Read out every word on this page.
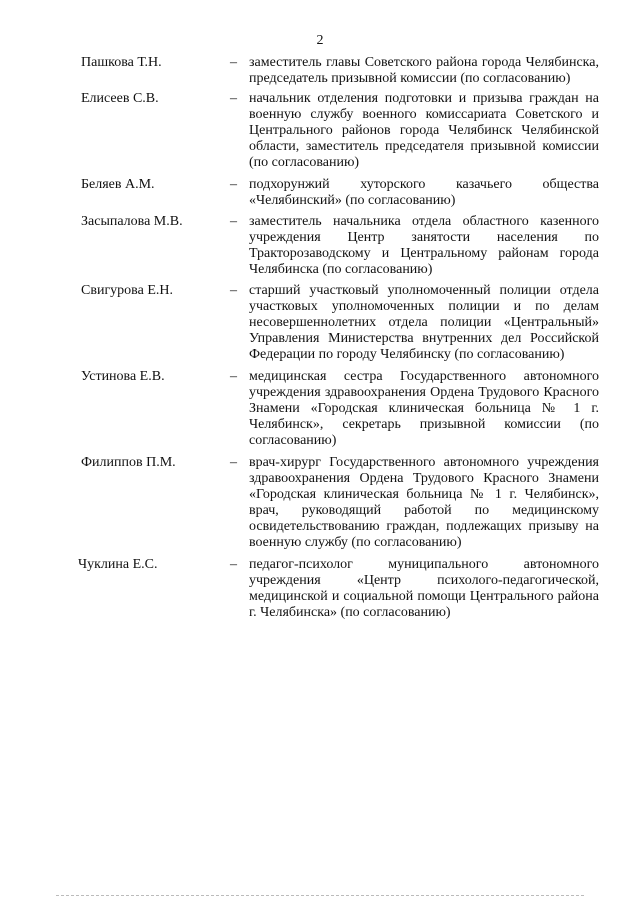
2
Пашкова Т.Н.	– заместитель главы Советского района города Челябинска, председатель призывной комиссии (по согласованию)
Елисеев С.В.	– начальник отделения подготовки и призыва граждан на военную службу военного комиссариата Советского и Центрального районов города Челябинск Челябинской области, заместитель председателя призывной комиссии (по согласованию)
Беляев А.М.	– подхорунжий хуторского казачьего общества «Челябинский» (по согласованию)
Засыпалова М.В.	– заместитель начальника отдела областного казенного учреждения Центр занятости населения по Тракторозаводскому и Центральному районам города Челябинска (по согласованию)
Свигурова Е.Н.	– старший участковый уполномоченный полиции отдела участковых уполномоченных полиции и по делам несовершеннолетних отдела полиции «Центральный» Управления Министерства внутренних дел Российской Федерации по городу Челябинску (по согласованию)
Устинова Е.В.	– медицинская сестра Государственного автономного учреждения здравоохранения Ордена Трудового Красного Знамени «Городская клиническая больница № 1 г. Челябинск», секретарь призывной комиссии (по согласованию)
Филиппов П.М.	– врач-хирург Государственного автономного учреждения здравоохранения Ордена Трудового Красного Знамени «Городская клиническая больница № 1 г. Челябинск», врач, руководящий работой по медицинскому освидетельствованию граждан, подлежащих призыву на военную службу (по согласованию)
Чуклина Е.С.	– педагог-психолог муниципального автономного учреждения «Центр психолого-педагогической, медицинской и социальной помощи Центрального района г. Челябинска» (по согласованию)
